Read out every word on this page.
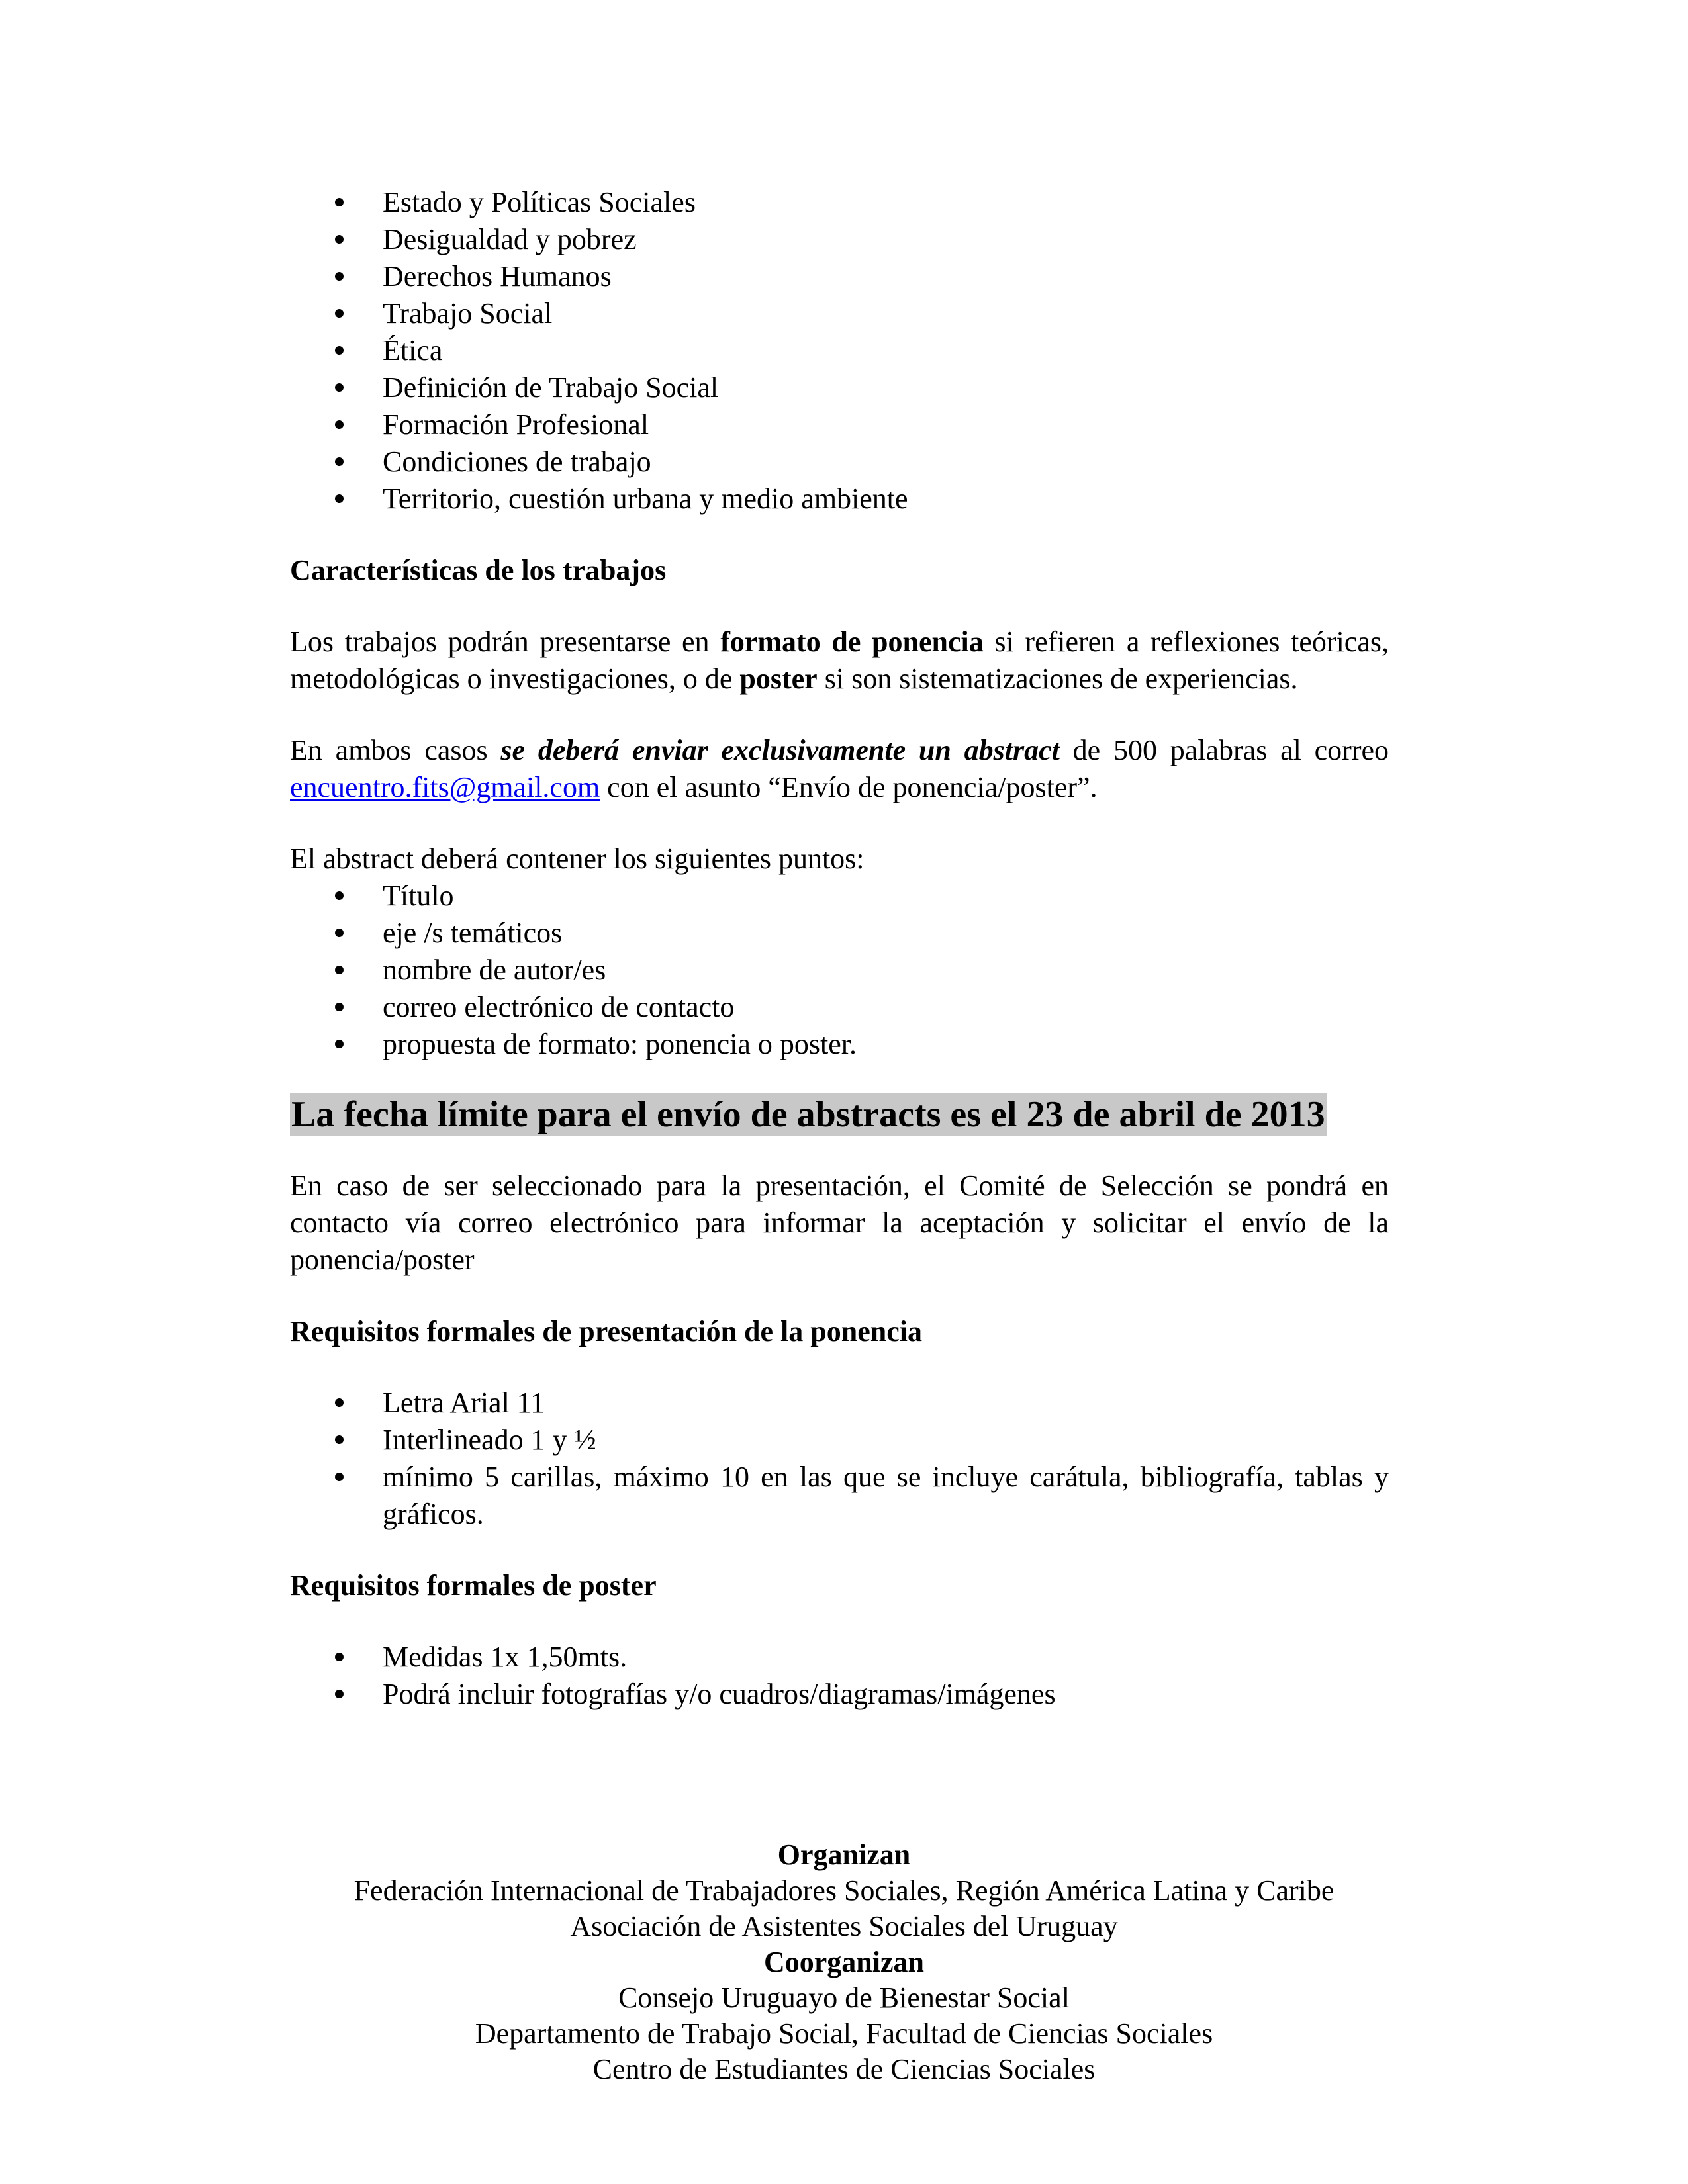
Estado y Políticas Sociales
Desigualdad y pobrez
Derechos Humanos
Trabajo Social
Ética
Definición de Trabajo Social
Formación Profesional
Condiciones de trabajo
Territorio, cuestión urbana y medio ambiente

Características de los trabajos

Los trabajos podrán presentarse en formato de ponencia si refieren a reflexiones teóricas, metodológicas o investigaciones, o de poster si son sistematizaciones de experiencias.

En ambos casos se deberá enviar exclusivamente un abstract de 500 palabras al correo encuentro.fits@gmail.com con el asunto “Envío de ponencia/poster”.

El abstract deberá contener los siguientes puntos:

Título
eje /s temáticos
nombre de autor/es
correo electrónico de contacto
propuesta de formato: ponencia o poster.

La fecha límite para el envío de abstracts es el 23 de abril de 2013

En caso de ser seleccionado para la presentación, el Comité de Selección se pondrá en contacto vía correo electrónico para informar la aceptación y solicitar el envío de la ponencia/poster

Requisitos formales de presentación de la ponencia

Letra Arial 11
Interlineado 1 y ½
mínimo 5 carillas, máximo 10 en las que se incluye carátula, bibliografía, tablas y gráficos.

Requisitos formales de poster

Medidas 1x 1,50mts.
Podrá incluir fotografías y/o cuadros/diagramas/imágenes
Organizan
Federación Internacional de Trabajadores Sociales, Región América Latina y Caribe
Asociación de Asistentes Sociales del Uruguay
Coorganizan
Consejo Uruguayo de Bienestar Social
Departamento de Trabajo Social, Facultad de Ciencias Sociales
Centro de Estudiantes de Ciencias Sociales
